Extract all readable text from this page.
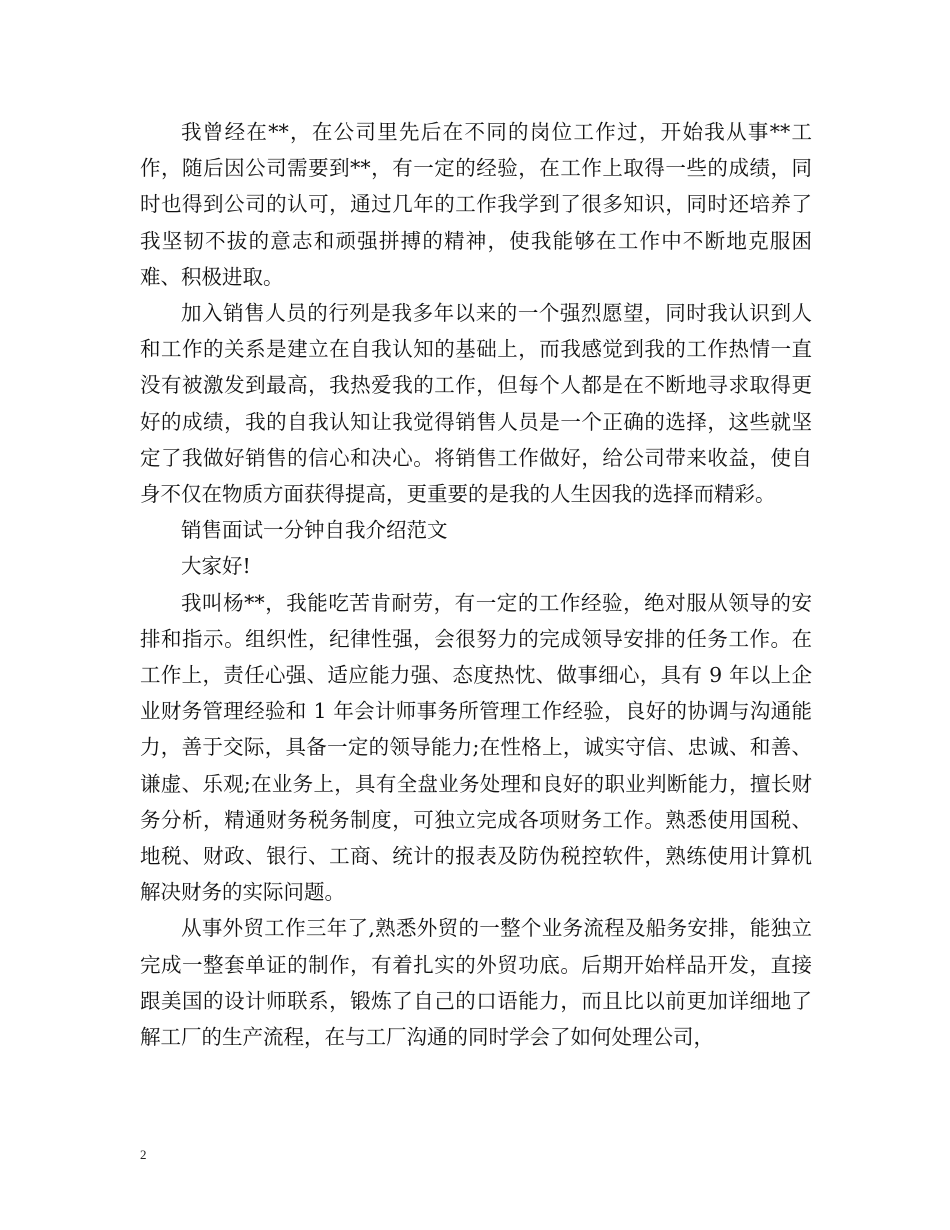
我曾经在**，在公司里先后在不同的岗位工作过，开始我从事**工作，随后因公司需要到**，有一定的经验，在工作上取得一些的成绩，同时也得到公司的认可，通过几年的工作我学到了很多知识，同时还培养了我坚韧不拔的意志和顽强拼搏的精神，使我能够在工作中不断地克服困难、积极进取。

加入销售人员的行列是我多年以来的一个强烈愿望，同时我认识到人和工作的关系是建立在自我认知的基础上，而我感觉到我的工作热情一直没有被激发到最高，我热爱我的工作，但每个人都是在不断地寻求取得更好的成绩，我的自我认知让我觉得销售人员是一个正确的选择，这些就坚定了我做好销售的信心和决心。将销售工作做好，给公司带来收益，使自身不仅在物质方面获得提高，更重要的是我的人生因我的选择而精彩。

销售面试一分钟自我介绍范文

大家好!

我叫杨**，我能吃苦肯耐劳，有一定的工作经验，绝对服从领导的安排和指示。组织性，纪律性强，会很努力的完成领导安排的任务工作。在工作上，责任心强、适应能力强、态度热忱、做事细心，具有 9 年以上企业财务管理经验和 1 年会计师事务所管理工作经验，良好的协调与沟通能力，善于交际，具备一定的领导能力;在性格上，诚实守信、忠诚、和善、谦虚、乐观;在业务上，具有全盘业务处理和良好的职业判断能力，擅长财务分析，精通财务税务制度，可独立完成各项财务工作。熟悉使用国税、地税、财政、银行、工商、统计的报表及防伪税控软件，熟练使用计算机解决财务的实际问题。

从事外贸工作三年了,熟悉外贸的一整个业务流程及船务安排，能独立完成一整套单证的制作，有着扎实的外贸功底。后期开始样品开发，直接跟美国的设计师联系，锻炼了自己的口语能力，而且比以前更加详细地了解工厂的生产流程，在与工厂沟通的同时学会了如何处理公司，

2
